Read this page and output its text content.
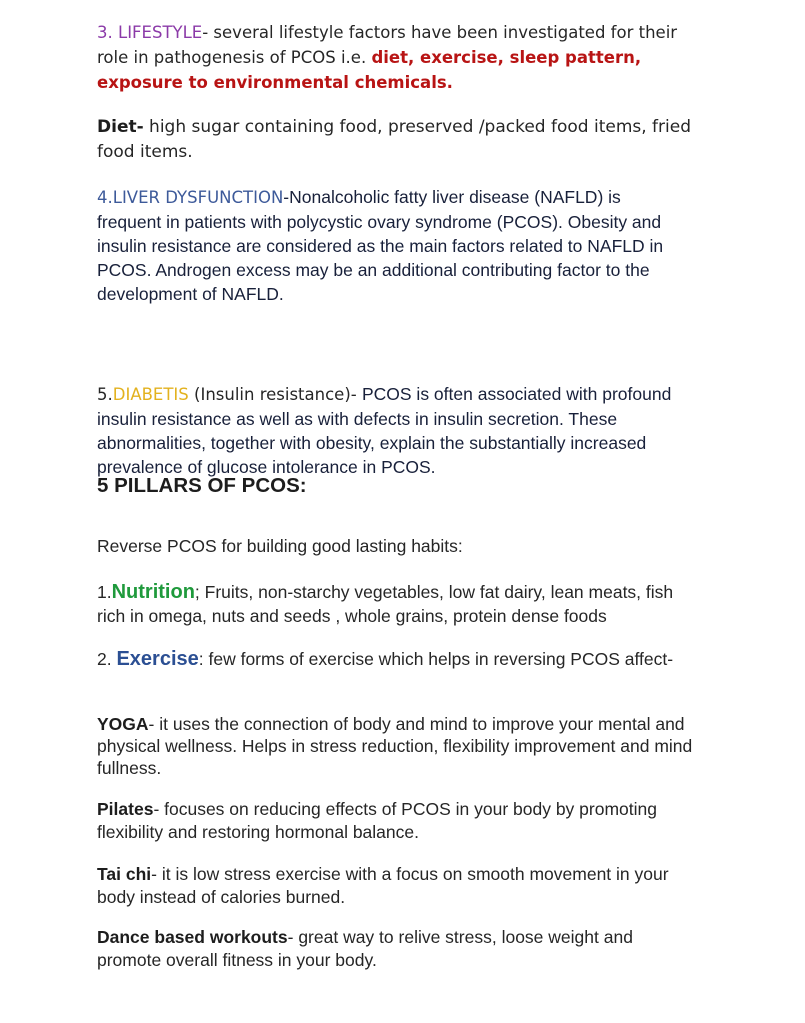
3. LIFESTYLE- several lifestyle factors have been investigated for their role in pathogenesis of PCOS i.e. diet, exercise, sleep pattern, exposure to environmental chemicals.

Diet- high sugar containing food, preserved /packed food items, fried food items.

4.LIVER DYSFUNCTION-Nonalcoholic fatty liver disease (NAFLD) is frequent in patients with polycystic ovary syndrome (PCOS). Obesity and insulin resistance are considered as the main factors related to NAFLD in PCOS. Androgen excess may be an additional contributing factor to the development of NAFLD.

5.DIABETIS (Insulin resistance)- PCOS is often associated with profound insulin resistance as well as with defects in insulin secretion. These abnormalities, together with obesity, explain the substantially increased prevalence of glucose intolerance in PCOS.

5 PILLARS OF PCOS:

Reverse PCOS for building good lasting habits:

1.Nutrition; Fruits, non-starchy vegetables, low fat dairy, lean meats, fish rich in omega, nuts and seeds , whole grains, protein dense foods

2. Exercise: few forms of exercise which helps in reversing PCOS affect-

YOGA- it uses the connection of body and mind to improve your mental and physical wellness. Helps in stress reduction, flexibility improvement and mind fullness.

Pilates- focuses on reducing effects of PCOS in your body by promoting flexibility and restoring hormonal balance.

Tai chi- it is low stress exercise with a focus on smooth movement in your body instead of calories burned.

Dance based workouts- great way to relive stress, loose weight and promote overall fitness in your body.
